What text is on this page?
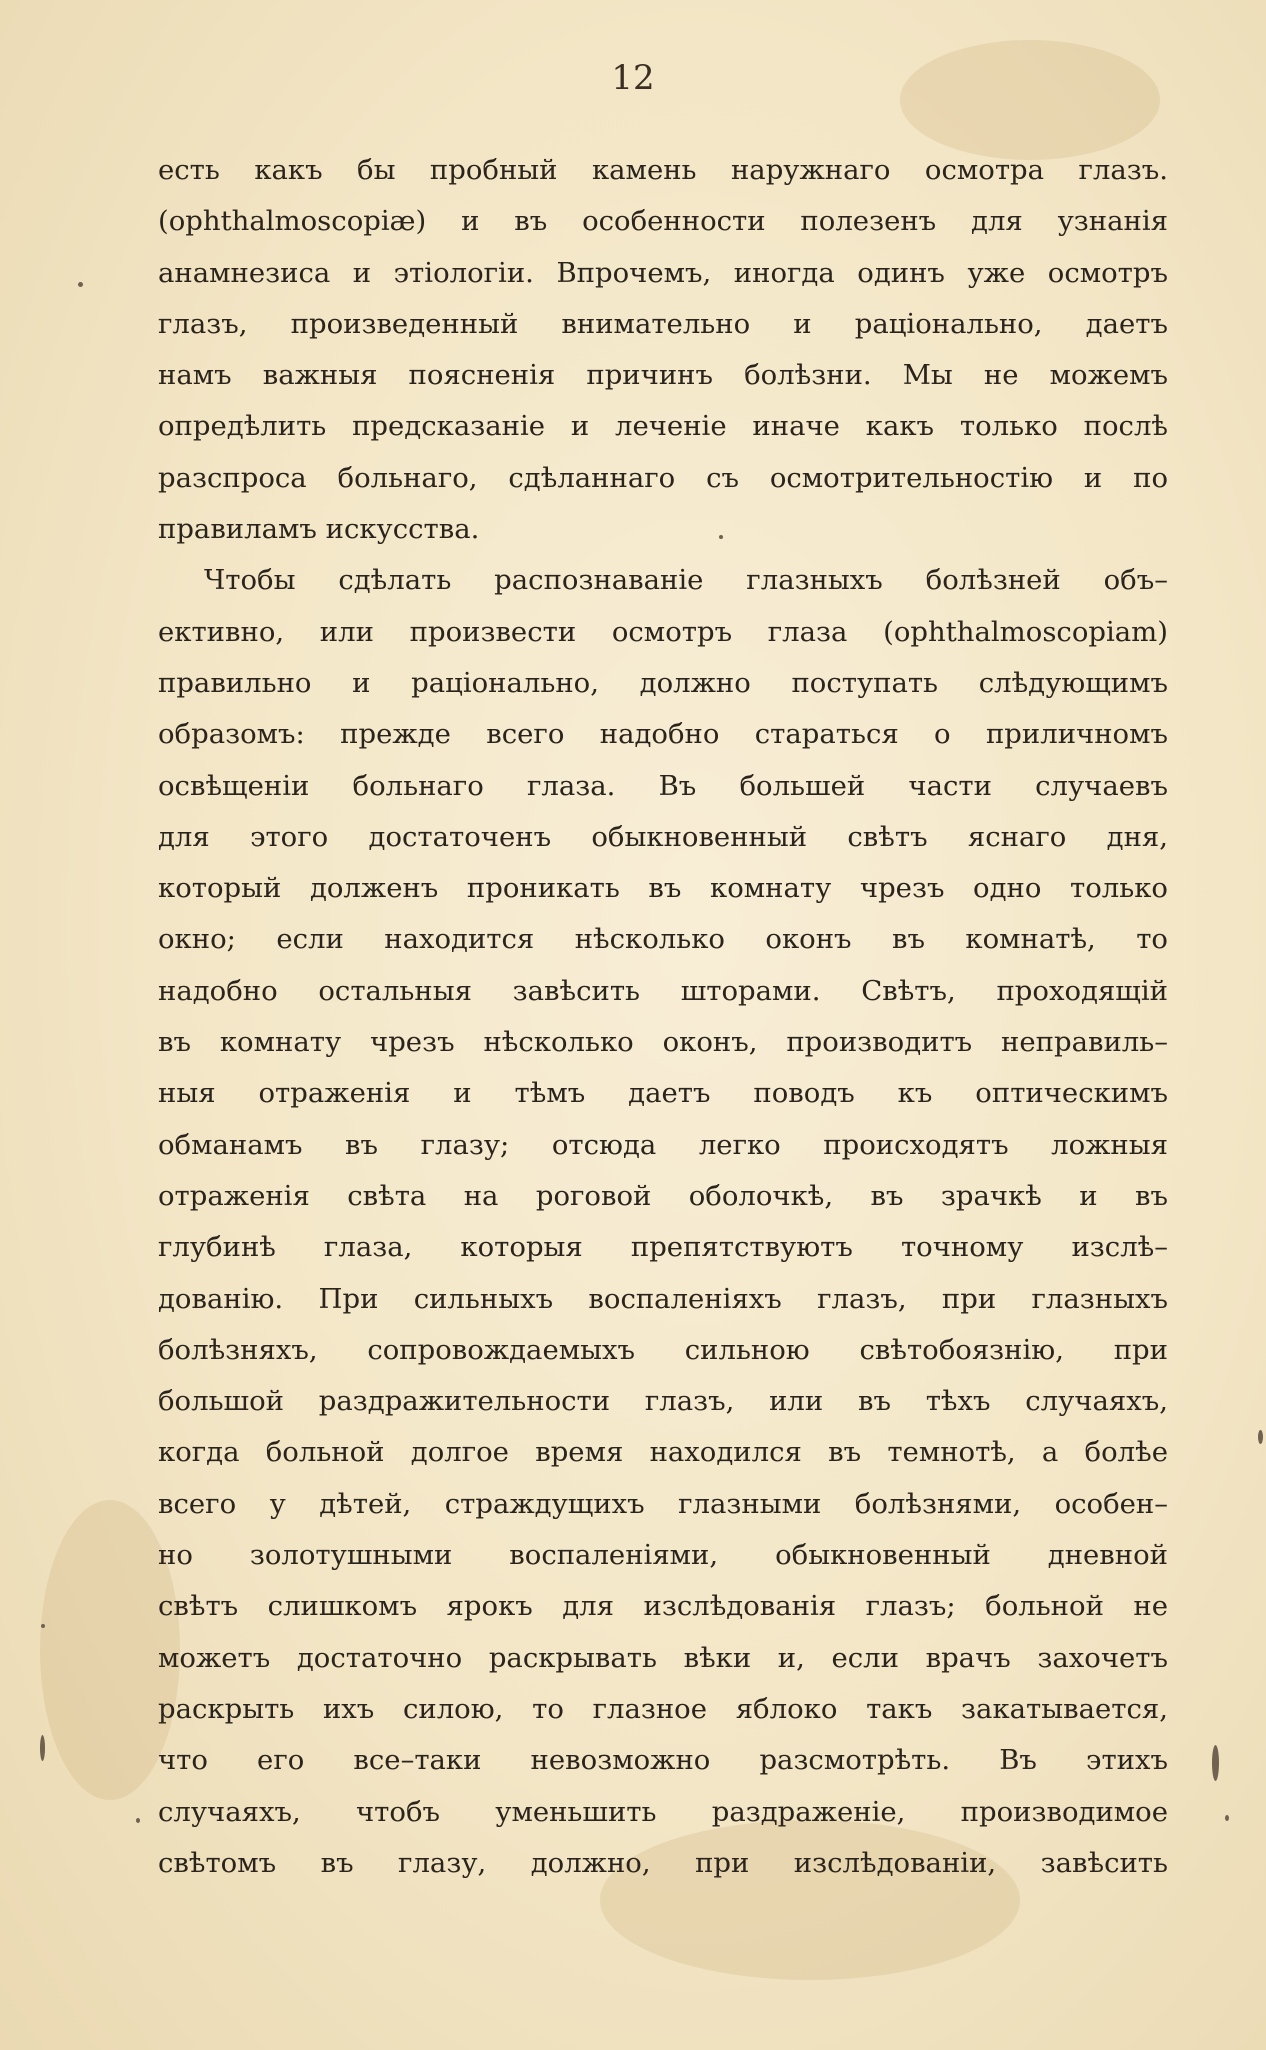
12
есть какъ бы пробный камень наружнаго осмотра глазъ.
(ophthalmoscopiæ) и въ особенности полезенъ для узнанія
анамнезиса и этіологіи. Впрочемъ, иногда одинъ уже осмотръ
глазъ, произведенный внимательно и раціонально, даетъ
намъ важныя поясненія причинъ болѣзни. Мы не можемъ
опредѣлить предсказаніе и леченіе иначе какъ только послѣ
разспроса больнаго, сдѣланнаго съ осмотрительностію и по
правиламъ искусства.
Чтобы сдѣлать распознаваніе глазныхъ болѣзней объ–
ективно, или произвести осмотръ глаза (ophthalmoscopiam)
правильно и раціонально, должно поступать слѣдующимъ
образомъ: прежде всего надобно стараться о приличномъ
освѣщеніи больнаго глаза. Въ большей части случаевъ
для этого достаточенъ обыкновенный свѣтъ яснаго дня,
который долженъ проникать въ комнату чрезъ одно только
окно; если находится нѣсколько оконъ въ комнатѣ, то
надобно остальныя завѣсить шторами. Свѣтъ, проходящій
въ комнату чрезъ нѣсколько оконъ, производитъ неправиль–
ныя отраженія и тѣмъ даетъ поводъ къ оптическимъ
обманамъ въ глазу; отсюда легко происходятъ ложныя
отраженія свѣта на роговой оболочкѣ, въ зрачкѣ и въ
глубинѣ глаза, которыя препятствуютъ точному изслѣ–
дованію. При сильныхъ воспаленіяхъ глазъ, при глазныхъ
болѣзняхъ, сопровождаемыхъ сильною свѣтобоязнію, при
большой раздражительности глазъ, или въ тѣхъ случаяхъ,
когда больной долгое время находился въ темнотѣ, а болѣе
всего у дѣтей, страждущихъ глазными болѣзнями, особен–
но золотушными воспаленіями, обыкновенный дневной
свѣтъ слишкомъ ярокъ для изслѣдованія глазъ; больной не
можетъ достаточно раскрывать вѣки и, если врачъ захочетъ
раскрыть ихъ силою, то глазное яблоко такъ закатывается,
что его все–таки невозможно разсмотрѣть. Въ этихъ
случаяхъ, чтобъ уменьшить раздраженіе, производимое
свѣтомъ въ глазу, должно, при изслѣдованіи, завѣсить
